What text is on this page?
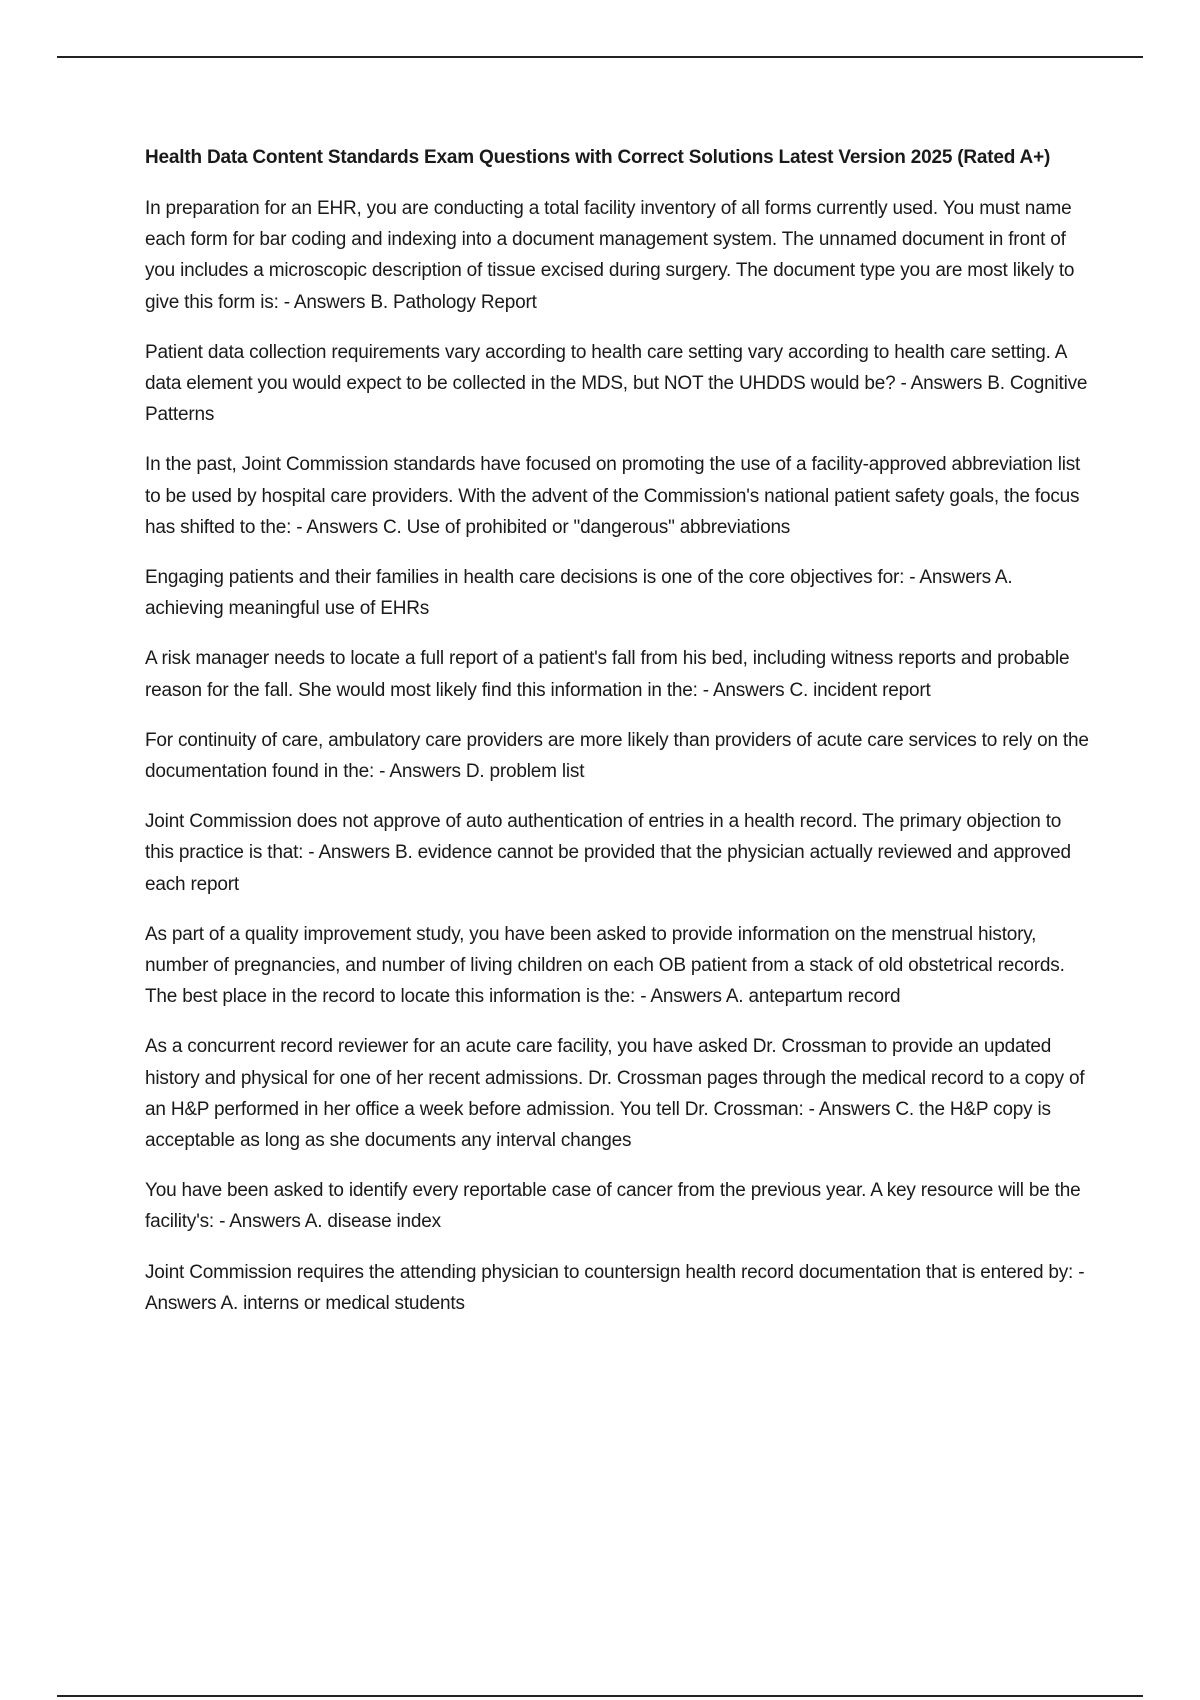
Health Data Content Standards Exam Questions with Correct Solutions Latest Version 2025 (Rated A+)

In preparation for an EHR, you are conducting a total facility inventory of all forms currently used. You must name each form for bar coding and indexing into a document management system. The unnamed document in front of you includes a microscopic description of tissue excised during surgery. The document type you are most likely to give this form is: - Answers B. Pathology Report

Patient data collection requirements vary according to health care setting vary according to health care setting. A data element you would expect to be collected in the MDS, but NOT the UHDDS would be? - Answers B. Cognitive Patterns

In the past, Joint Commission standards have focused on promoting the use of a facility-approved abbreviation list to be used by hospital care providers. With the advent of the Commission's national patient safety goals, the focus has shifted to the: - Answers C. Use of prohibited or "dangerous" abbreviations

Engaging patients and their families in health care decisions is one of the core objectives for: - Answers A. achieving meaningful use of EHRs

A risk manager needs to locate a full report of a patient's fall from his bed, including witness reports and probable reason for the fall. She would most likely find this information in the: - Answers C. incident report

For continuity of care, ambulatory care providers are more likely than providers of acute care services to rely on the documentation found in the: - Answers D. problem list

Joint Commission does not approve of auto authentication of entries in a health record. The primary objection to this practice is that: - Answers B. evidence cannot be provided that the physician actually reviewed and approved each report

As part of a quality improvement study, you have been asked to provide information on the menstrual history, number of pregnancies, and number of living children on each OB patient from a stack of old obstetrical records. The best place in the record to locate this information is the: - Answers A. antepartum record

As a concurrent record reviewer for an acute care facility, you have asked Dr. Crossman to provide an updated history and physical for one of her recent admissions. Dr. Crossman pages through the medical record to a copy of an H&P performed in her office a week before admission. You tell Dr. Crossman: - Answers C. the H&P copy is acceptable as long as she documents any interval changes

You have been asked to identify every reportable case of cancer from the previous year. A key resource will be the facility's: - Answers A. disease index

Joint Commission requires the attending physician to countersign health record documentation that is entered by: - Answers A. interns or medical students
